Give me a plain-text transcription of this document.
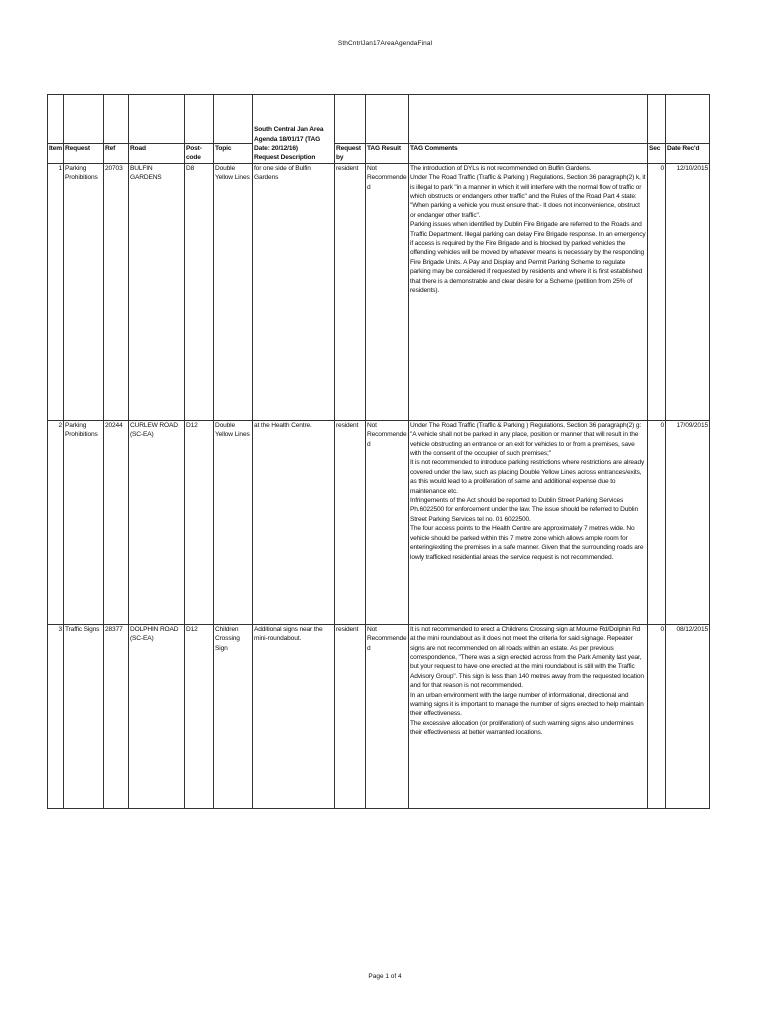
SthCntrlJan17AreaAgendaFinal
						South Central Jan Area Agenda 18/01/17 (TAG Date: 20/12/16)
Request Description					
Item	Request	Ref	Road	Post-code	Topic		Request by	TAG Result	TAG Comments	Sec	Date Rec'd
1	Parking Prohibitions	20703	BULFIN GARDENS	D8	Double Yellow Lines	for one side of Bulfin Gardens	resident	Not Recommended	The introduction of DYLs is not recommended on Bulfin Gardens.
Under The Road Traffic (Traffic & Parking ) Regulations, Section 36 paragraph(2) k, it is illegal to park "in a manner in which it will interfere with the normal flow of traffic or which obstructs or endangers other traffic" and the Rules of the Road Part 4 state: "When parking a vehicle you must ensure that:- It does not inconvenience, obstruct or endanger other traffic".
Parking issues when identified by Dublin Fire Brigade are referred to the Roads and Traffic Department. Illegal parking can delay Fire Brigade response. In an emergency if access is required by the Fire Brigade and is blocked by parked vehicles the offending vehicles will be moved by whatever means is necessary by the responding Fire Brigade Units. A Pay and Display and Permit Parking Scheme to regulate parking may be considered if requested by residents and where it is first established that there is a demonstrable and clear desire for a Scheme (petition from 25% of residents).	0	12/10/2015
2	Parking Prohibitions	20244	CURLEW ROAD (SC-EA)	D12	Double Yellow Lines	at the Health Centre.	resident	Not Recommended	Under The Road Traffic (Traffic & Parking ) Regulations, Section 36 paragraph(2) g: "A vehicle shall not be parked in any place, position or manner that will result in the vehicle obstructing an entrance or an exit for vehicles to or from a premises, save with the consent of the occupier of such premises;"
It is not recommended to introduce parking restrictions where restrictions are already covered under the law, such as placing Double Yellow Lines across entrances/exits, as this would lead to a proliferation of same and additional expense due to maintenance etc.
Infringements of the Act should be reported to Dublin Street Parking Services Ph.6022500 for enforcement under the law. The issue should be referred to Dublin Street Parking Services tel no. 01 6022500.
The four access points to the Health Centre are approximately 7 metres wide. No vehicle should be parked within this 7 metre zone which allows ample room for entering/exiting the premises in a safe manner. Given that the surrounding roads are lowly trafficked residential areas the service request is not recommended.	0	17/09/2015
3	Traffic Signs	28377	DOLPHIN ROAD (SC-EA)	D12	Children Crossing Sign	Additional signs near the mini-roundabout.	resident	Not Recommended	It is not recommended to erect a Childrens Crossing sign at Mourne Rd/Dolphin Rd at the mini roundabout as it does not meet the criteria for said signage. Repeater signs are not recommended on all roads within an estate. As per previous correspondence, "There was a sign erected across from the Park Amenity last year, but your request to have one erected at the mini roundabout is still with the Traffic Advisory Group". This sign is less than 140 metres away from the requested location and for that reason is not recommended.
In an urban environment with the large number of informational, directional and warning signs it is important to manage the number of signs erected to help maintain their effectiveness.
The excessive allocation (or proliferation) of such warning signs also undermines their effectiveness at better warranted locations.	0	08/12/2015
Page 1 of 4
